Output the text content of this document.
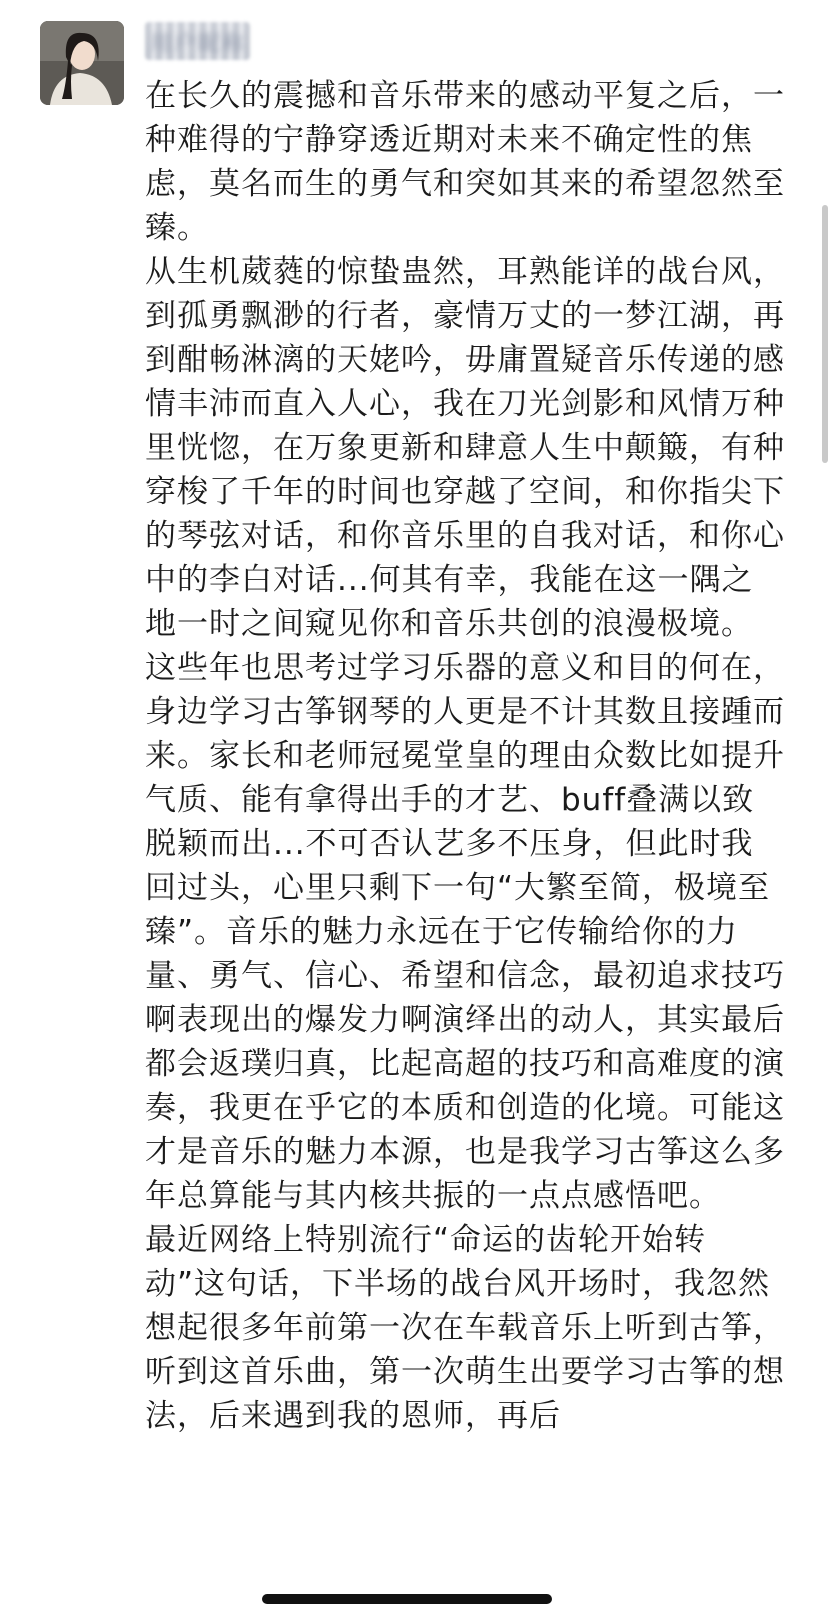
用户昵称

在长久的震撼和音乐带来的感动平复之后，一种难得的宁静穿透近期对未来不确定性的焦虑，莫名而生的勇气和突如其来的希望忽然至臻。

从生机葳蕤的惊蛰蛊然，耳熟能详的战台风，到孤勇飘渺的行者，豪情万丈的一梦江湖，再到酣畅淋漓的天姥吟，毋庸置疑音乐传递的感情丰沛而直入人心，我在刀光剑影和风情万种里恍惚，在万象更新和肆意人生中颠簸，有种穿梭了千年的时间也穿越了空间，和你指尖下的琴弦对话，和你音乐里的自我对话，和你心中的李白对话...何其有幸，我能在这一隅之地一时之间窥见你和音乐共创的浪漫极境。

这些年也思考过学习乐器的意义和目的何在，身边学习古筝钢琴的人更是不计其数且接踵而来。家长和老师冠冕堂皇的理由众数比如提升气质、能有拿得出手的才艺、buff叠满以致脱颖而出...不可否认艺多不压身，但此时我回过头，心里只剩下一句“大繁至简，极境至臻”。音乐的魅力永远在于它传输给你的力量、勇气、信心、希望和信念，最初追求技巧啊表现出的爆发力啊演绎出的动人，其实最后都会返璞归真，比起高超的技巧和高难度的演奏，我更在乎它的本质和创造的化境。可能这才是音乐的魅力本源，也是我学习古筝这么多年总算能与其内核共振的一点点感悟吧。

最近网络上特别流行“命运的齿轮开始转动”这句话，下半场的战台风开场时，我忽然想起很多年前第一次在车载音乐上听到古筝，听到这首乐曲，第一次萌生出要学习古筝的想法，后来遇到我的恩师，再后
